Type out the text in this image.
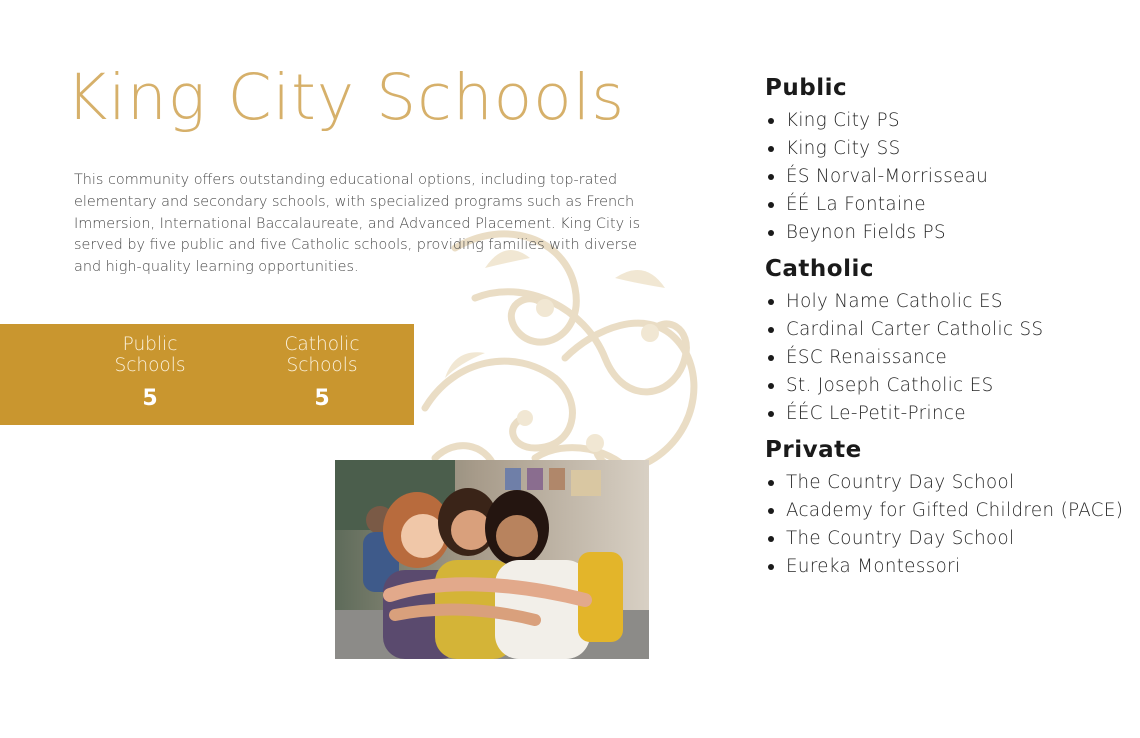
King City Schools

This community offers outstanding educational options, including top-rated elementary and secondary schools, with specialized programs such as French Immersion, International Baccalaureate, and Advanced Placement. King City is served by five public and five Catholic schools, providing families with diverse and high-quality learning opportunities.

Public
Schools
5
Catholic
Schools
5
Public
King City PS
King City SS
ÉS Norval-Morrisseau
ÉÉ La Fontaine
Beynon Fields PS
Catholic
Holy Name Catholic ES
Cardinal Carter Catholic SS
ÉSC Renaissance
St. Joseph Catholic ES
ÉÉC Le-Petit-Prince
Private
The Country Day School
Academy for Gifted Children (PACE)
The Country Day School
Eureka Montessori
